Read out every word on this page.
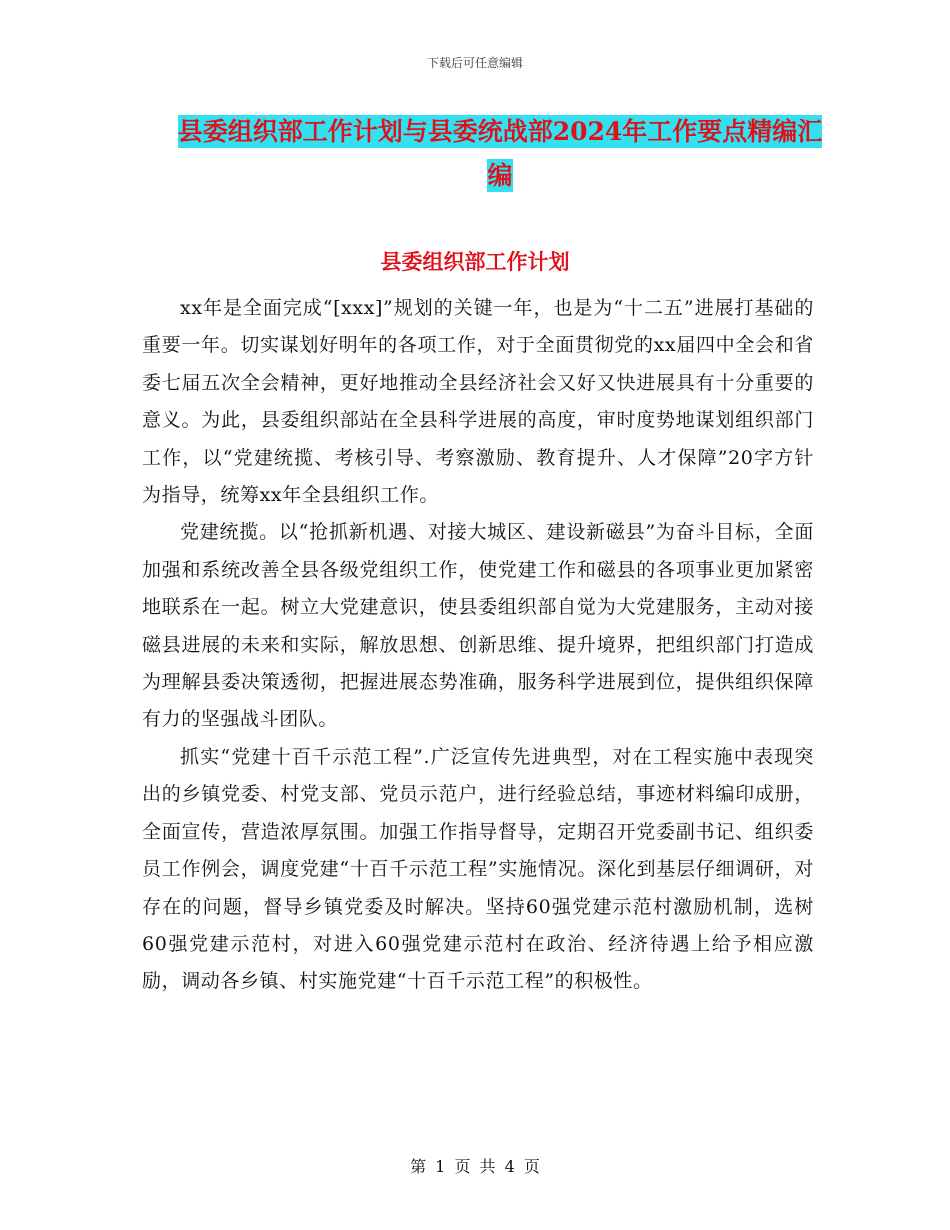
下载后可任意编辑
县委组织部工作计划与县委统战部2024年工作要点精编汇编
县委组织部工作计划

xx年是全面完成“[xxx]”规划的关键一年，也是为“十二五”进展打基础的重要一年。切实谋划好明年的各项工作，对于全面贯彻党的xx届四中全会和省委七届五次全会精神，更好地推动全县经济社会又好又快进展具有十分重要的意义。为此，县委组织部站在全县科学进展的高度，审时度势地谋划组织部门工作，以“党建统揽、考核引导、考察激励、教育提升、人才保障”20字方针为指导，统筹xx年全县组织工作。

党建统揽。以“抢抓新机遇、对接大城区、建设新磁县”为奋斗目标，全面加强和系统改善全县各级党组织工作，使党建工作和磁县的各项事业更加紧密地联系在一起。树立大党建意识，使县委组织部自觉为大党建服务，主动对接磁县进展的未来和实际，解放思想、创新思维、提升境界，把组织部门打造成为理解县委决策透彻，把握进展态势准确，服务科学进展到位，提供组织保障有力的坚强战斗团队。

抓实“党建十百千示范工程”.广泛宣传先进典型，对在工程实施中表现突出的乡镇党委、村党支部、党员示范户，进行经验总结，事迹材料编印成册，全面宣传，营造浓厚氛围。加强工作指导督导，定期召开党委副书记、组织委员工作例会，调度党建“十百千示范工程”实施情况。深化到基层仔细调研，对存在的问题，督导乡镇党委及时解决。坚持60强党建示范村激励机制，选树60强党建示范村，对进入60强党建示范村在政治、经济待遇上给予相应激励，调动各乡镇、村实施党建“十百千示范工程”的积极性。

第 1 页 共 4 页
